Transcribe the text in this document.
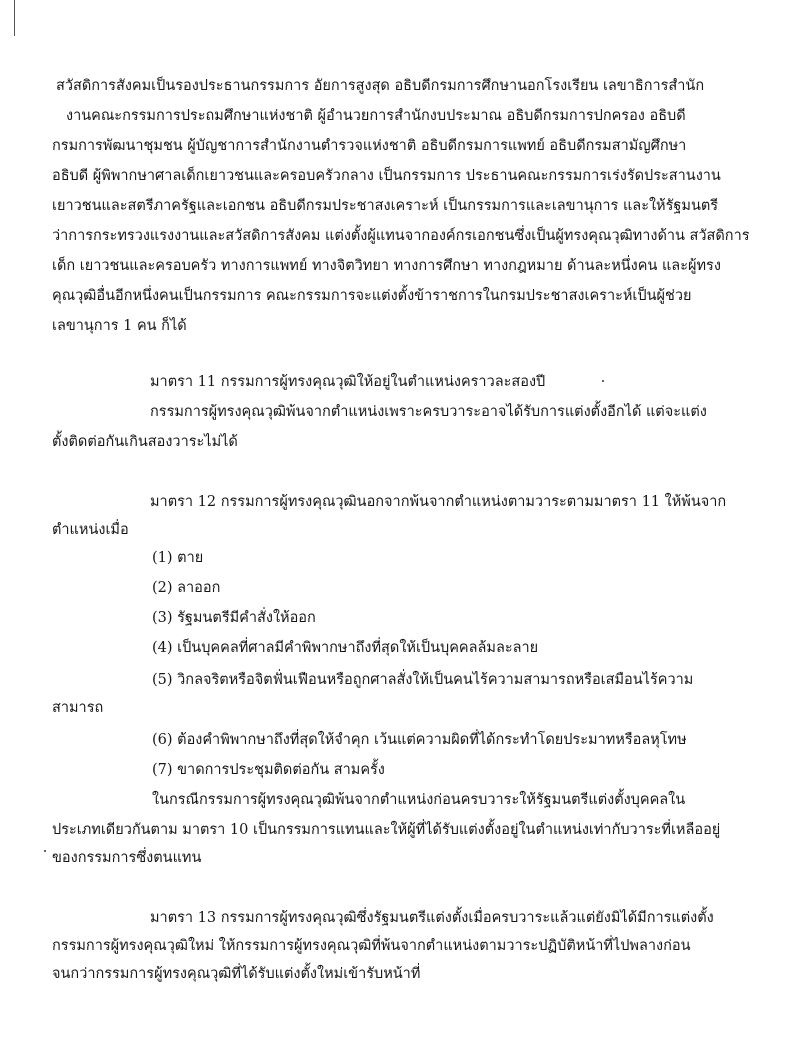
สวัสดิการสังคมเป็นรองประธานกรรมการ อัยการสูงสุด อธิบดีกรมการศึกษานอกโรงเรียน เลขาธิการสำนัก
งานคณะกรรมการประถมศึกษาแห่งชาติ ผู้อำนวยการสำนักงบประมาณ อธิบดีกรมการปกครอง อธิบดี
กรมการพัฒนาชุมชน ผู้บัญชาการสำนักงานตำรวจแห่งชาติ อธิบดีกรมการแพทย์ อธิบดีกรมสามัญศึกษา
อธิบดี ผู้พิพากษาศาลเด็กเยาวชนและครอบครัวกลาง เป็นกรรมการ ประธานคณะกรรมการเร่งรัดประสานงาน
เยาวชนและสตรีภาครัฐและเอกชน อธิบดีกรมประชาสงเคราะห์ เป็นกรรมการและเลขานุการ และให้รัฐมนตรี
ว่าการกระทรวงแรงงานและสวัสดิการสังคม แต่งตั้งผู้แทนจากองค์กรเอกชนซึ่งเป็นผู้ทรงคุณวุฒิทางด้าน สวัสดิการ
เด็ก เยาวชนและครอบครัว ทางการแพทย์ ทางจิตวิทยา ทางการศึกษา ทางกฎหมาย ด้านละหนึ่งคน และผู้ทรง
คุณวุฒิอื่นอีกหนึ่งคนเป็นกรรมการ คณะกรรมการจะแต่งตั้งข้าราชการในกรมประชาสงเคราะห์เป็นผู้ช่วย
เลขานุการ 1 คน ก็ได้
มาตรา 11 กรรมการผู้ทรงคุณวุฒิให้อยู่ในตำแหน่งคราวละสองปี
กรรมการผู้ทรงคุณวุฒิพ้นจากตำแหน่งเพราะครบวาระอาจได้รับการแต่งตั้งอีกได้ แต่จะแต่ง
ตั้งติดต่อกันเกินสองวาระไม่ได้
มาตรา 12 กรรมการผู้ทรงคุณวุฒินอกจากพ้นจากตำแหน่งตามวาระตามมาตรา 11 ให้พ้นจาก
ตำแหน่งเมื่อ
(1) ตาย
(2) ลาออก
(3) รัฐมนตรีมีคำสั่งให้ออก
(4) เป็นบุคคลที่ศาลมีคำพิพากษาถึงที่สุดให้เป็นบุคคลล้มละลาย
(5) วิกลจริตหรือจิตฟั่นเฟือนหรือถูกศาลสั่งให้เป็นคนไร้ความสามารถหรือเสมือนไร้ความ
สามารถ
(6) ต้องคำพิพากษาถึงที่สุดให้จำคุก เว้นแต่ความผิดที่ได้กระทำโดยประมาทหรือลหุโทษ
(7) ขาดการประชุมติดต่อกัน สามครั้ง
ในกรณีกรรมการผู้ทรงคุณวุฒิพ้นจากตำแหน่งก่อนครบวาระให้รัฐมนตรีแต่งตั้งบุคคลใน
ประเภทเดียวกันตาม มาตรา 10 เป็นกรรมการแทนและให้ผู้ที่ได้รับแต่งตั้งอยู่ในตำแหน่งเท่ากับวาระที่เหลืออยู่
ของกรรมการซึ่งตนแทน
มาตรา 13 กรรมการผู้ทรงคุณวุฒิซึ่งรัฐมนตรีแต่งตั้งเมื่อครบวาระแล้วแต่ยังมิได้มีการแต่งตั้ง
กรรมการผู้ทรงคุณวุฒิใหม่ ให้กรรมการผู้ทรงคุณวุฒิที่พ้นจากตำแหน่งตามวาระปฏิบัติหน้าที่ไปพลางก่อน
จนกว่ากรรมการผู้ทรงคุณวุฒิที่ได้รับแต่งตั้งใหม่เข้ารับหน้าที่
